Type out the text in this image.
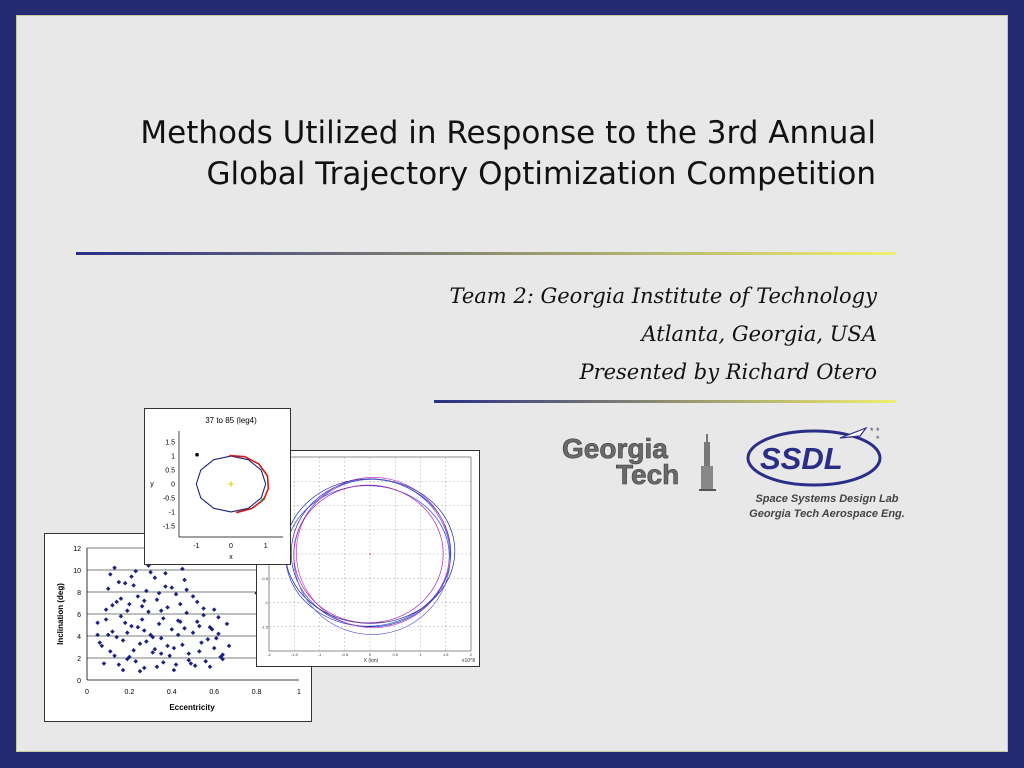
Methods Utilized in Response to the 3rd Annual
Global Trajectory Optimization Competition
Team 2: Georgia Institute of Technology
Atlanta, Georgia, USA
Presented by Richard Otero
Georgia
Tech	SSDL
* *
*
Space Systems Design Lab
Georgia Tech Aerospace Eng.
0
2
4
6
8
10
12
0	0.2	0.4	0.6	0.8	1
Eccentricity
Inclination (deg)
-2	-1.5	-1	-0.5	0	0.5	1	1.5	2
-0.5
-1
-1.5
X (km)	x10^8
37 to 85 (leg4)
1.5
1
0.5
0
-0.5
-1
-1.5
-1	0	1
x
y
